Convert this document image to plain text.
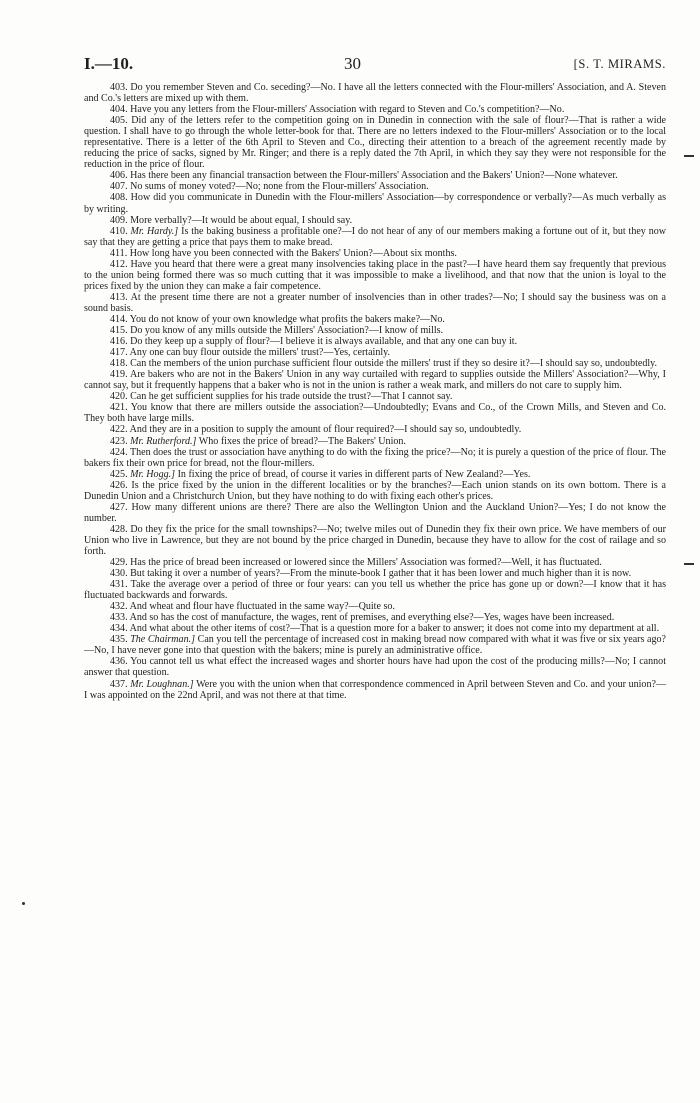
I.—10.	30	[S. T. MIRAMS.

403. Do you remember Steven and Co. seceding?—No. I have all the letters connected with the Flour-millers' Association, and A. Steven and Co.'s letters are mixed up with them.

404. Have you any letters from the Flour-millers' Association with regard to Steven and Co.'s competition?—No.

405. Did any of the letters refer to the competition going on in Dunedin in connection with the sale of flour?—That is rather a wide question. I shall have to go through the whole letter-book for that. There are no letters indexed to the Flour-millers' Association or to the local representative. There is a letter of the 6th April to Steven and Co., directing their attention to a breach of the agreement recently made by reducing the price of sacks, signed by Mr. Ringer; and there is a reply dated the 7th April, in which they say they were not responsible for the reduction in the price of flour.

406. Has there been any financial transaction between the Flour-millers' Association and the Bakers' Union?—None whatever.

407. No sums of money voted?—No; none from the Flour-millers' Association.

408. How did you communicate in Dunedin with the Flour-millers' Association—by correspondence or verbally?—As much verbally as by writing.

409. More verbally?—It would be about equal, I should say.

410. Mr. Hardy.] Is the baking business a profitable one?—I do not hear of any of our members making a fortune out of it, but they now say that they are getting a price that pays them to make bread.

411. How long have you been connected with the Bakers' Union?—About six months.

412. Have you heard that there were a great many insolvencies taking place in the past?—I have heard them say frequently that previous to the union being formed there was so much cutting that it was impossible to make a livelihood, and that now that the union is loyal to the prices fixed by the union they can make a fair competence.

413. At the present time there are not a greater number of insolvencies than in other trades?—No; I should say the business was on a sound basis.

414. You do not know of your own knowledge what profits the bakers make?—No.

415. Do you know of any mills outside the Millers' Association?—I know of mills.

416. Do they keep up a supply of flour?—I believe it is always available, and that any one can buy it.

417. Any one can buy flour outside the millers' trust?—Yes, certainly.

418. Can the members of the union purchase sufficient flour outside the millers' trust if they so desire it?—I should say so, undoubtedly.

419. Are bakers who are not in the Bakers' Union in any way curtailed with regard to supplies outside the Millers' Association?—Why, I cannot say, but it frequently happens that a baker who is not in the union is rather a weak mark, and millers do not care to supply him.

420. Can he get sufficient supplies for his trade outside the trust?—That I cannot say.

421. You know that there are millers outside the association?—Undoubtedly; Evans and Co., of the Crown Mills, and Steven and Co. They both have large mills.

422. And they are in a position to supply the amount of flour required?—I should say so, undoubtedly.

423. Mr. Rutherford.] Who fixes the price of bread?—The Bakers' Union.

424. Then does the trust or association have anything to do with the fixing the price?—No; it is purely a question of the price of flour. The bakers fix their own price for bread, not the flour-millers.

425. Mr. Hogg.] In fixing the price of bread, of course it varies in different parts of New Zealand?—Yes.

426. Is the price fixed by the union in the different localities or by the branches?—Each union stands on its own bottom. There is a Dunedin Union and a Christchurch Union, but they have nothing to do with fixing each other's prices.

427. How many different unions are there? There are also the Wellington Union and the Auckland Union?—Yes; I do not know the number.

428. Do they fix the price for the small townships?—No; twelve miles out of Dunedin they fix their own price. We have members of our Union who live in Lawrence, but they are not bound by the price charged in Dunedin, because they have to allow for the cost of railage and so forth.

429. Has the price of bread been increased or lowered since the Millers' Association was formed?—Well, it has fluctuated.

430. But taking it over a number of years?—From the minute-book I gather that it has been lower and much higher than it is now.

431. Take the average over a period of three or four years: can you tell us whether the price has gone up or down?—I know that it has fluctuated backwards and forwards.

432. And wheat and flour have fluctuated in the same way?—Quite so.

433. And so has the cost of manufacture, the wages, rent of premises, and everything else?—Yes, wages have been increased.

434. And what about the other items of cost?—That is a question more for a baker to answer; it does not come into my department at all.

435. The Chairman.] Can you tell the percentage of increased cost in making bread now compared with what it was five or six years ago?—No, I have never gone into that question with the bakers; mine is purely an administrative office.

436. You cannot tell us what effect the increased wages and shorter hours have had upon the cost of the producing mills?—No; I cannot answer that question.

437. Mr. Loughnan.] Were you with the union when that correspondence commenced in April between Steven and Co. and your union?—I was appointed on the 22nd April, and was not there at that time.
